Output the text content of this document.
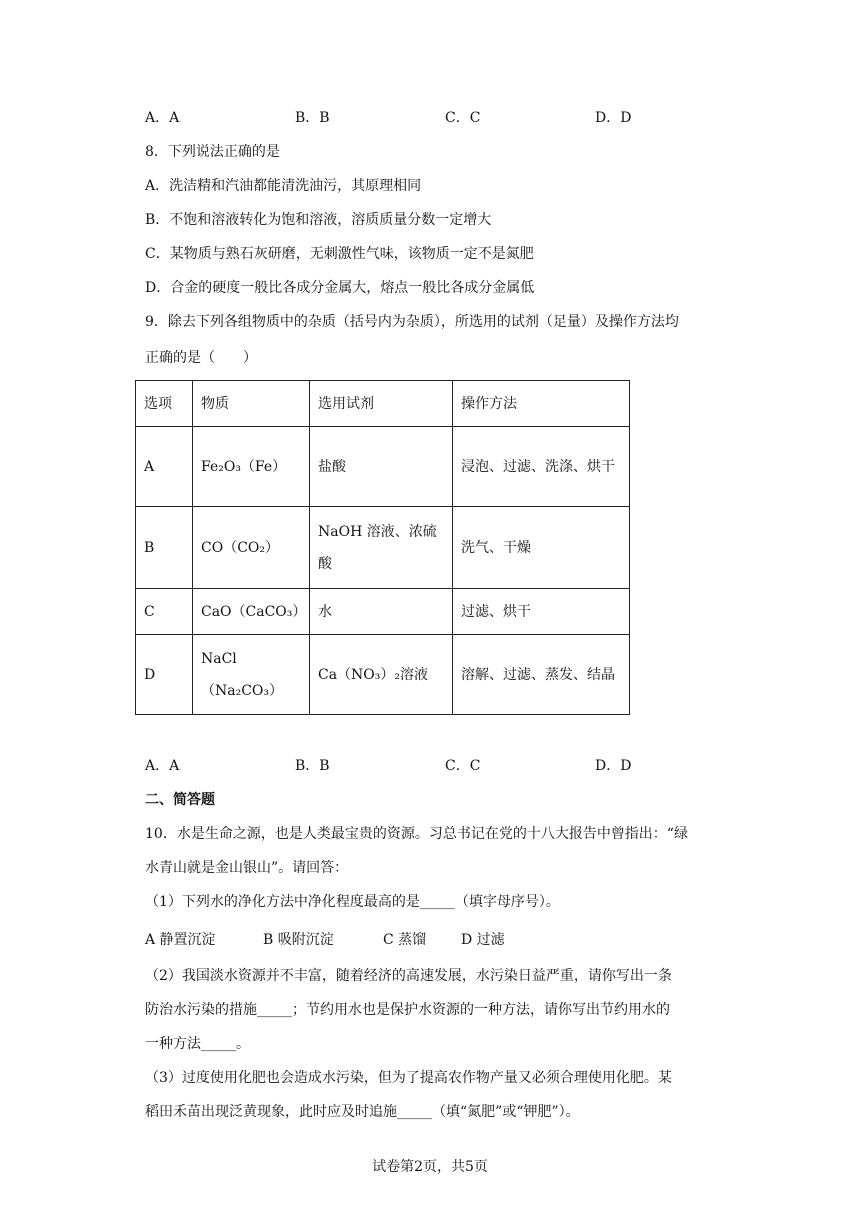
A．A	B．B	C．C	D．D
8．下列说法正确的是
A．洗洁精和汽油都能清洗油污，其原理相同
B．不饱和溶液转化为饱和溶液，溶质质量分数一定增大
C．某物质与熟石灰研磨，无刺激性气味，该物质一定不是氮肥
D．合金的硬度一般比各成分金属大，熔点一般比各成分金属低
9．除去下列各组物质中的杂质（括号内为杂质），所选用的试剂（足量）及操作方法均
正确的是（　　）
选项	物质	选用试剂	操作方法
A	Fe₂O₃（Fe）	盐酸	浸泡、过滤、洗涤、烘干
B	CO（CO₂）	NaOH 溶液、浓硫酸	洗气、干燥
C	CaO（CaCO₃）	水	过滤、烘干
D	NaCl（Na₂CO₃）	Ca（NO₃）₂溶液	溶解、过滤、蒸发、结晶
A．A	B．B	C．C	D．D
二、简答题
10．水是生命之源，也是人类最宝贵的资源。习总书记在党的十八大报告中曾指出：“绿
水青山就是金山银山”。请回答：
（1）下列水的净化方法中净化程度最高的是_____（填字母序号）。
A 静置沉淀	B 吸附沉淀	C 蒸馏 D 过滤
（2）我国淡水资源并不丰富，随着经济的高速发展，水污染日益严重，请你写出一条
防治水污染的措施_____；节约用水也是保护水资源的一种方法，请你写出节约用水的
一种方法_____。
（3）过度使用化肥也会造成水污染，但为了提高农作物产量又必须合理使用化肥。某
稻田禾苗出现泛黄现象，此时应及时追施_____（填“氮肥”或“钾肥”）。
试卷第2页，共5页
